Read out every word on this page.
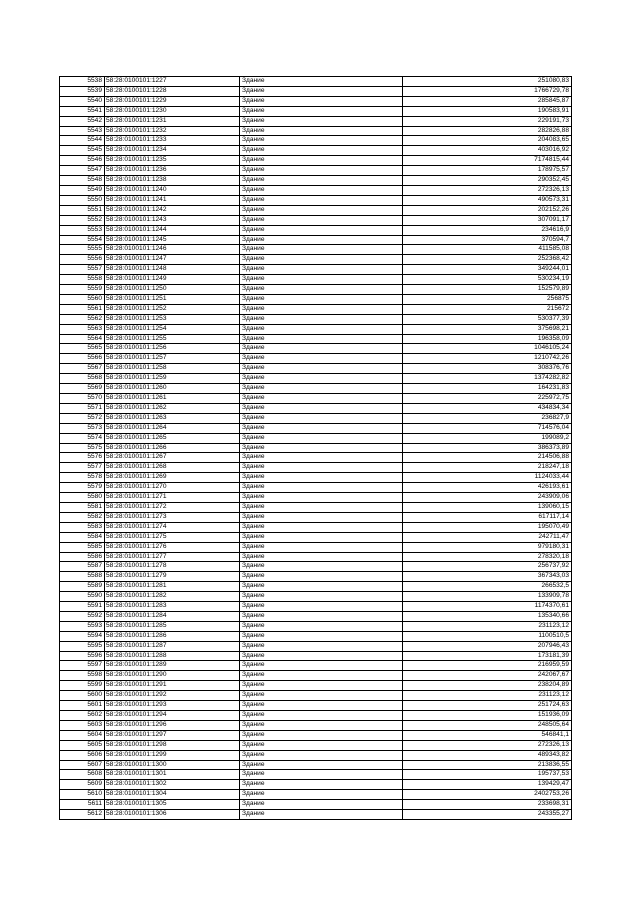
5538	58:28:0100101:1227	Здание	251080,83
5539	58:28:0100101:1228	Здание	1766729,78
5540	58:28:0100101:1229	Здание	285845,87
5541	58:28:0100101:1230	Здание	190583,91
5542	58:28:0100101:1231	Здание	229191,73
5543	58:28:0100101:1232	Здание	282826,88
5544	58:28:0100101:1233	Здание	204083,65
5545	58:28:0100101:1234	Здание	403016,92
5546	58:28:0100101:1235	Здание	7174815,44
5547	58:28:0100101:1236	Здание	178975,57
5548	58:28:0100101:1238	Здание	290352,45
5549	58:28:0100101:1240	Здание	272326,13
5550	58:28:0100101:1241	Здание	490573,31
5551	58:28:0100101:1242	Здание	202152,26
5552	58:28:0100101:1243	Здание	307091,17
5553	58:28:0100101:1244	Здание	234616,9
5554	58:28:0100101:1245	Здание	370594,7
5555	58:28:0100101:1246	Здание	411585,08
5556	58:28:0100101:1247	Здание	252368,42
5557	58:28:0100101:1248	Здание	349244,01
5558	58:28:0100101:1249	Здание	530234,19
5559	58:28:0100101:1250	Здание	152579,89
5560	58:28:0100101:1251	Здание	256875
5561	58:28:0100101:1252	Здание	215672
5562	58:28:0100101:1253	Здание	530377,39
5563	58:28:0100101:1254	Здание	375698,21
5564	58:28:0100101:1255	Здание	196358,09
5565	58:28:0100101:1256	Здание	1046105,24
5566	58:28:0100101:1257	Здание	1210742,26
5567	58:28:0100101:1258	Здание	308376,76
5568	58:28:0100101:1259	Здание	1374282,82
5569	58:28:0100101:1260	Здание	164231,83
5570	58:28:0100101:1261	Здание	225972,75
5571	58:28:0100101:1262	Здание	434834,34
5572	58:28:0100101:1263	Здание	236827,9
5573	58:28:0100101:1264	Здание	714576,04
5574	58:28:0100101:1265	Здание	199089,2
5575	58:28:0100101:1266	Здание	386373,89
5576	58:28:0100101:1267	Здание	214506,88
5577	58:28:0100101:1268	Здание	218247,18
5578	58:28:0100101:1269	Здание	1124033,44
5579	58:28:0100101:1270	Здание	426193,61
5580	58:28:0100101:1271	Здание	243909,06
5581	58:28:0100101:1272	Здание	139060,15
5582	58:28:0100101:1273	Здание	617117,14
5583	58:28:0100101:1274	Здание	195070,49
5584	58:28:0100101:1275	Здание	242711,47
5585	58:28:0100101:1276	Здание	979180,31
5586	58:28:0100101:1277	Здание	278320,18
5587	58:28:0100101:1278	Здание	256737,92
5588	58:28:0100101:1279	Здание	367343,03
5589	58:28:0100101:1281	Здание	266532,5
5590	58:28:0100101:1282	Здание	133909,78
5591	58:28:0100101:1283	Здание	1174370,61
5592	58:28:0100101:1284	Здание	135340,66
5593	58:28:0100101:1285	Здание	231123,12
5594	58:28:0100101:1286	Здание	1100510,5
5595	58:28:0100101:1287	Здание	207946,43
5596	58:28:0100101:1288	Здание	173181,39
5597	58:28:0100101:1289	Здание	216959,59
5598	58:28:0100101:1290	Здание	242067,67
5599	58:28:0100101:1291	Здание	238204,89
5600	58:28:0100101:1292	Здание	231123,12
5601	58:28:0100101:1293	Здание	251724,63
5602	58:28:0100101:1294	Здание	151936,09
5603	58:28:0100101:1296	Здание	248505,64
5604	58:28:0100101:1297	Здание	546841,1
5605	58:28:0100101:1298	Здание	272326,13
5606	58:28:0100101:1299	Здание	489343,82
5607	58:28:0100101:1300	Здание	213836,55
5608	58:28:0100101:1301	Здание	195737,53
5609	58:28:0100101:1302	Здание	139429,47
5610	58:28:0100101:1304	Здание	2402753,26
5611	58:28:0100101:1305	Здание	233698,31
5612	58:28:0100101:1306	Здание	243355,27
